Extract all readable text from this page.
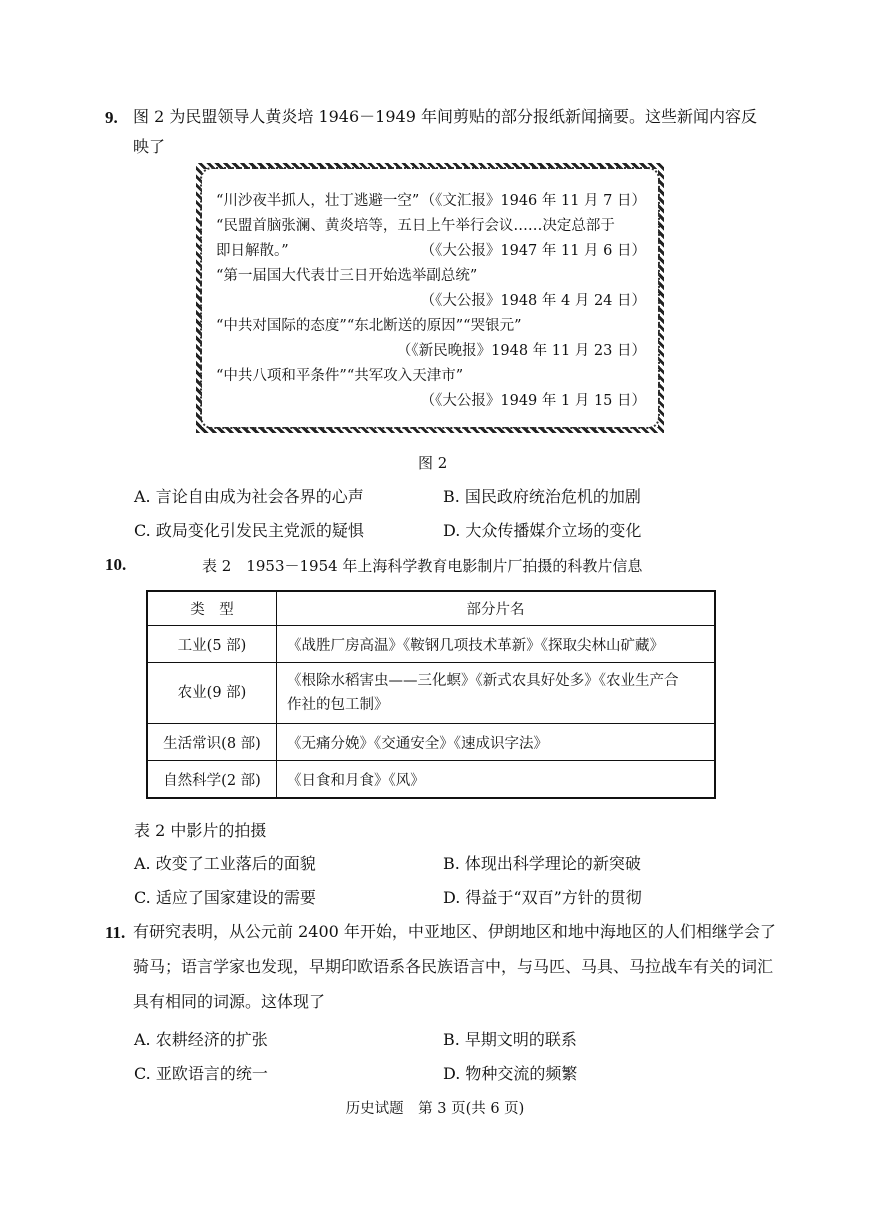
9. 图 2 为民盟领导人黄炎培 1946－1949 年间剪贴的部分报纸新闻摘要。这些新闻内容反
映了
“川沙夜半抓人，壮丁逃避一空” （《文汇报》1946 年 11 月 7 日）
“民盟首脑张澜、黄炎培等，五日上午举行会议……决定总部于
即日解散。”	（《大公报》1947 年 11 月 6 日）
“第一届国大代表廿三日开始选举副总统”
（《大公报》1948 年 4 月 24 日）
“中共对国际的态度”“东北断送的原因”“哭银元”
（《新民晚报》1948 年 11 月 23 日）
“中共八项和平条件”“共军攻入天津市”
（《大公报》1949 年 1 月 15 日）
图 2
A. 言论自由成为社会各界的心声	B. 国民政府统治危机的加剧
C. 政局变化引发民主党派的疑惧	D. 大众传播媒介立场的变化
10.	表 2　1953－1954 年上海科学教育电影制片厂拍摄的科教片信息
类　型	部分片名
工业(5 部)	《战胜厂房高温》《鞍钢几项技术革新》《探取尖林山矿藏》
农业(9 部)	《根除水稻害虫——三化螟》《新式农具好处多》《农业生产合
作社的包工制》

生活常识(8 部)	《无痛分娩》《交通安全》《速成识字法》
自然科学(2 部)	《日食和月食》《风》
表 2 中影片的拍摄
A. 改变了工业落后的面貌	B. 体现出科学理论的新突破
C. 适应了国家建设的需要	D. 得益于“双百”方针的贯彻
11. 有研究表明，从公元前 2400 年开始，中亚地区、伊朗地区和地中海地区的人们相继学会了
骑马；语言学家也发现，早期印欧语系各民族语言中，与马匹、马具、马拉战车有关的词汇
具有相同的词源。这体现了
A. 农耕经济的扩张	B. 早期文明的联系
C. 亚欧语言的统一	D. 物种交流的频繁
历史试题　第 3 页(共 6 页)
